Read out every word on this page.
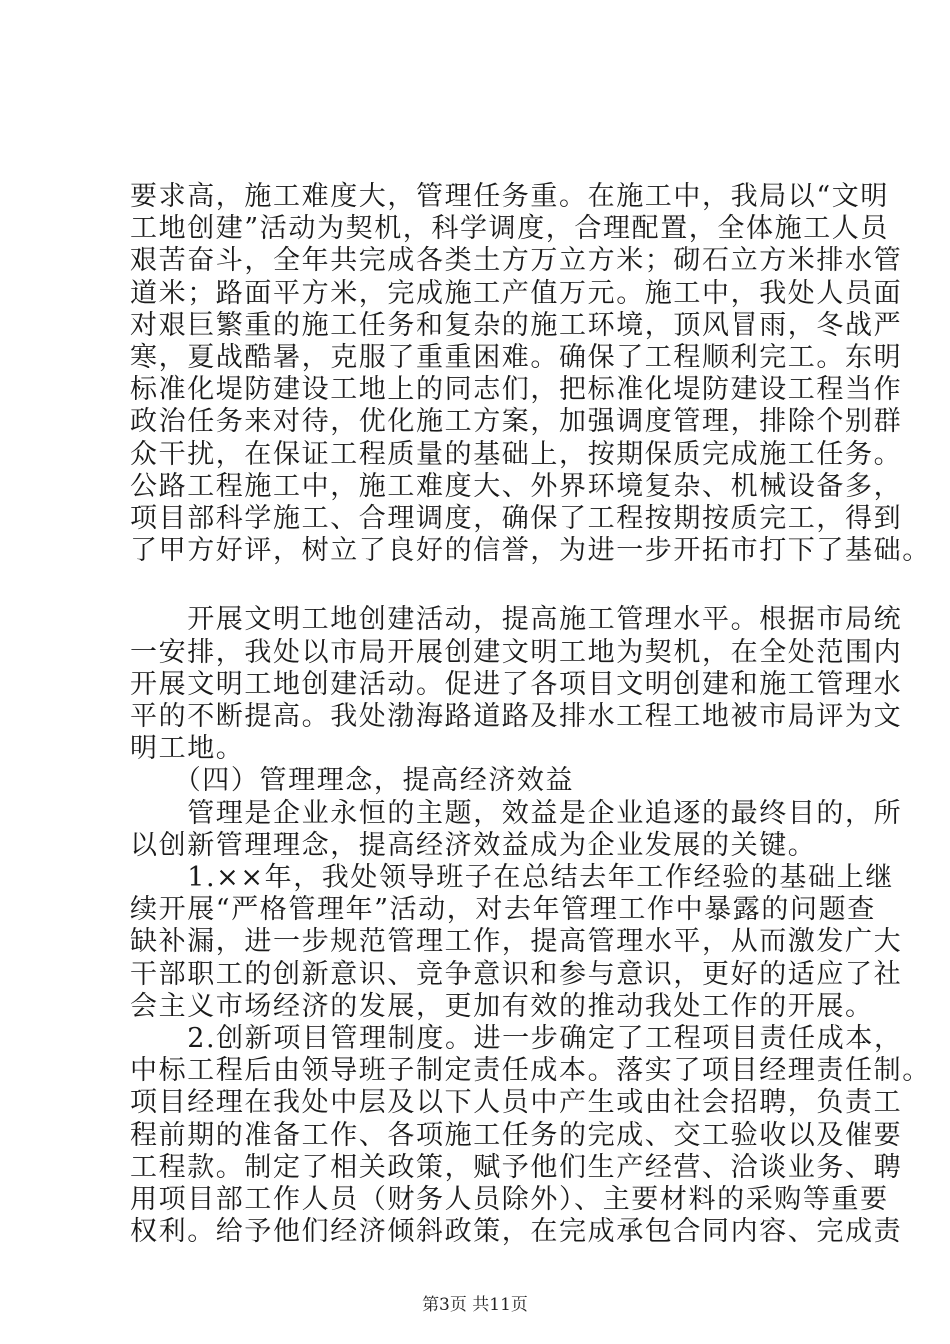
要求高，施工难度大，管理任务重。在施工中，我局以“文明

工地创建”活动为契机，科学调度，合理配置，全体施工人员

艰苦奋斗，全年共完成各类土方万立方米；砌石立方米排水管

道米；路面平方米，完成施工产值万元。施工中，我处人员面

对艰巨繁重的施工任务和复杂的施工环境，顶风冒雨，冬战严

寒，夏战酷暑，克服了重重困难。确保了工程顺利完工。东明

标准化堤防建设工地上的同志们，把标准化堤防建设工程当作

政治任务来对待，优化施工方案，加强调度管理，排除个别群

众干扰，在保证工程质量的基础上，按期保质完成施工任务。

公路工程施工中，施工难度大、外界环境复杂、机械设备多，

项目部科学施工、合理调度，确保了工程按期按质完工，得到

了甲方好评，树立了良好的信誉，为进一步开拓市打下了基础。

　　开展文明工地创建活动，提高施工管理水平。根据市局统

一安排，我处以市局开展创建文明工地为契机，在全处范围内

开展文明工地创建活动。促进了各项目文明创建和施工管理水

平的不断提高。我处渤海路道路及排水工程工地被市局评为文

明工地。

　　（四）管理理念，提高经济效益

　　管理是企业永恒的主题，效益是企业追逐的最终目的，所

以创新管理理念，提高经济效益成为企业发展的关键。

　　1.××年，我处领导班子在总结去年工作经验的基础上继

续开展“严格管理年”活动，对去年管理工作中暴露的问题查

缺补漏，进一步规范管理工作，提高管理水平，从而激发广大

干部职工的创新意识、竞争意识和参与意识，更好的适应了社

会主义市场经济的发展，更加有效的推动我处工作的开展。

　　2.创新项目管理制度。进一步确定了工程项目责任成本，

中标工程后由领导班子制定责任成本。落实了项目经理责任制。

项目经理在我处中层及以下人员中产生或由社会招聘，负责工

程前期的准备工作、各项施工任务的完成、交工验收以及催要

工程款。制定了相关政策，赋予他们生产经营、洽谈业务、聘

用项目部工作人员（财务人员除外）、主要材料的采购等重要

权利。给予他们经济倾斜政策，在完成承包合同内容、完成责

第3页 共11页
